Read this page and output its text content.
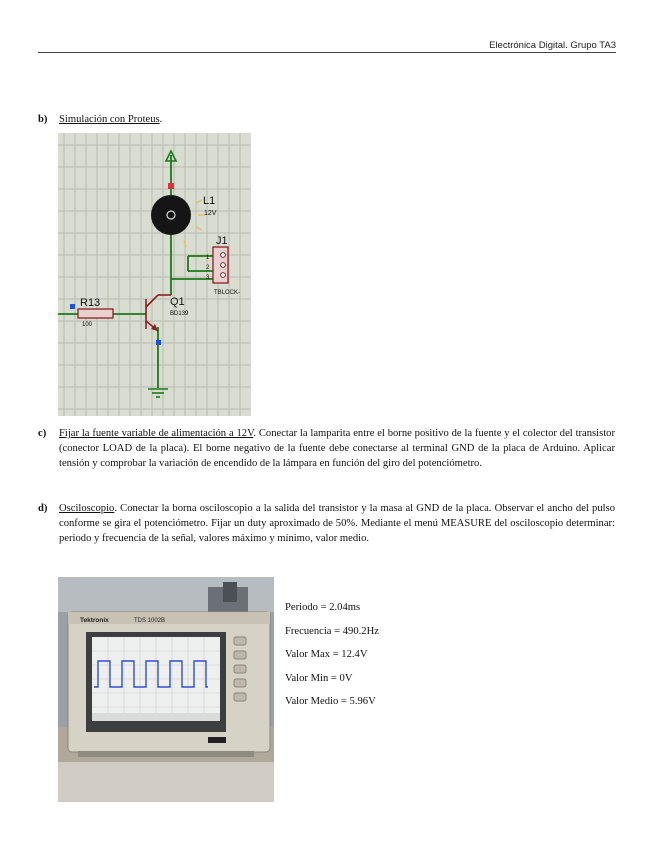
Electrónica Digital. Grupo TA3
b) Simulación con Proteus.
L1
12V
J1
1
2
3
TBLOCK-
R13
100
Q1
BD139
c) Fijar la fuente variable de alimentación a 12V. Conectar la lamparita entre el borne positivo de la fuente y el colector del transistor (conector LOAD de la placa). El borne negativo de la fuente debe conectarse al terminal GND de la placa de Arduino. Aplicar tensión y comprobar la variación de encendido de la lámpara en función del giro del potenciómetro.
d) Osciloscopio. Conectar la borna osciloscopio a la salida del transistor y la masa al GND de la placa. Observar el ancho del pulso conforme se gira el potenciómetro. Fijar un duty aproximado de 50%. Mediante el menú MEASURE del osciloscopio determinar: periodo y frecuencia de la señal, valores máximo y mínimo, valor medio.
Tektronix	TDS 1002B
Periodo = 2.04ms
Frecuencia = 490.2Hz
Valor Max = 12.4V
Valor Min = 0V
Valor Medio = 5.96V
